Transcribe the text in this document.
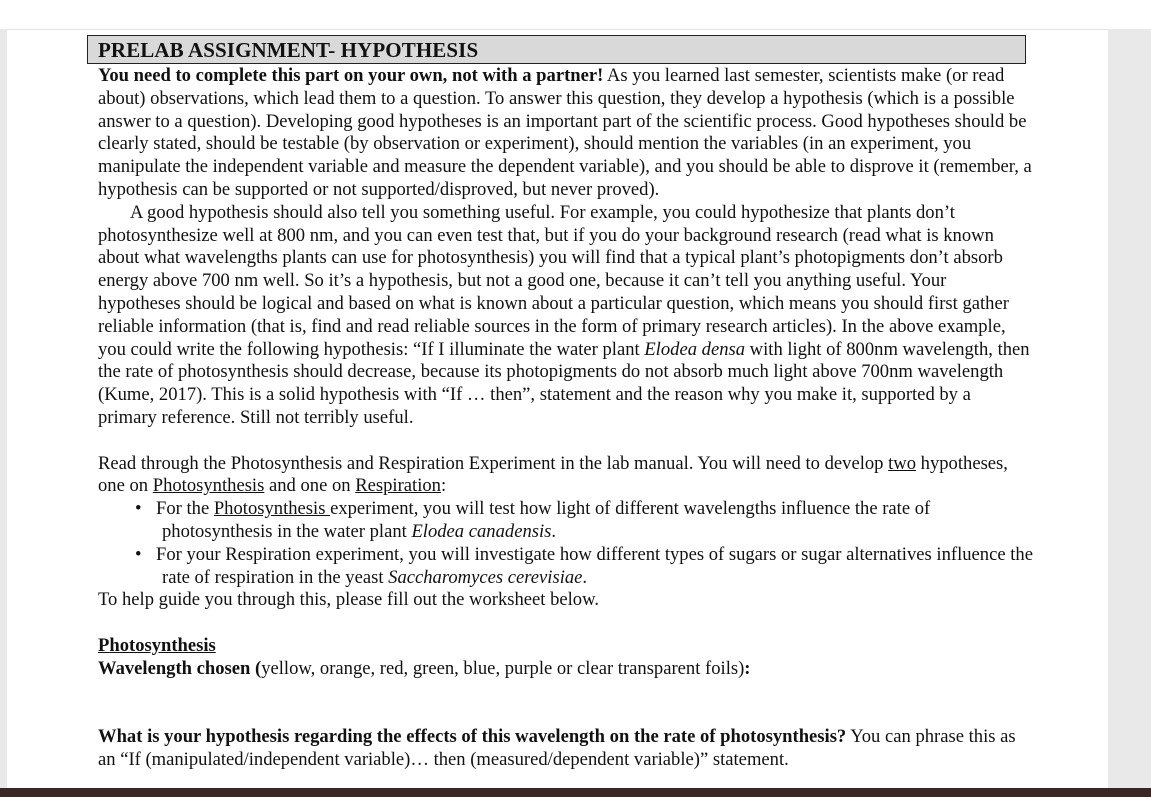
PRELAB ASSIGNMENT- HYPOTHESIS

You need to complete this part on your own, not with a partner! As you learned last semester, scientists make (or read about) observations, which lead them to a question. To answer this question, they develop a hypothesis (which is a possible answer to a question). Developing good hypotheses is an important part of the scientific process. Good hypotheses should be clearly stated, should be testable (by observation or experiment), should mention the variables (in an experiment, you manipulate the independent variable and measure the dependent variable), and you should be able to disprove it (remember, a hypothesis can be supported or not supported/disproved, but never proved).

A good hypothesis should also tell you something useful. For example, you could hypothesize that plants don’t photosynthesize well at 800 nm, and you can even test that, but if you do your background research (read what is known about what wavelengths plants can use for photosynthesis) you will find that a typical plant’s photopigments don’t absorb energy above 700 nm well. So it’s a hypothesis, but not a good one, because it can’t tell you anything useful. Your hypotheses should be logical and based on what is known about a particular question, which means you should first gather reliable information (that is, find and read reliable sources in the form of primary research articles). In the above example, you could write the following hypothesis: “If I illuminate the water plant Elodea densa with light of 800nm wavelength, then the rate of photosynthesis should decrease, because its photopigments do not absorb much light above 700nm wavelength (Kume, 2017). This is a solid hypothesis with “If … then”, statement and the reason why you make it, supported by a primary reference. Still not terribly useful.

Read through the Photosynthesis and Respiration Experiment in the lab manual. You will need to develop two hypotheses, one on Photosynthesis and one on Respiration:

• For the Photosynthesis experiment, you will test how light of different wavelengths influence the rate of photosynthesis in the water plant Elodea canadensis.
• For your Respiration experiment, you will investigate how different types of sugars or sugar alternatives influence the rate of respiration in the yeast Saccharomyces cerevisiae.

To help guide you through this, please fill out the worksheet below.

Photosynthesis

Wavelength chosen (yellow, orange, red, green, blue, purple or clear transparent foils):

What is your hypothesis regarding the effects of this wavelength on the rate of photosynthesis? You can phrase this as an “If (manipulated/independent variable)… then (measured/dependent variable)” statement.
